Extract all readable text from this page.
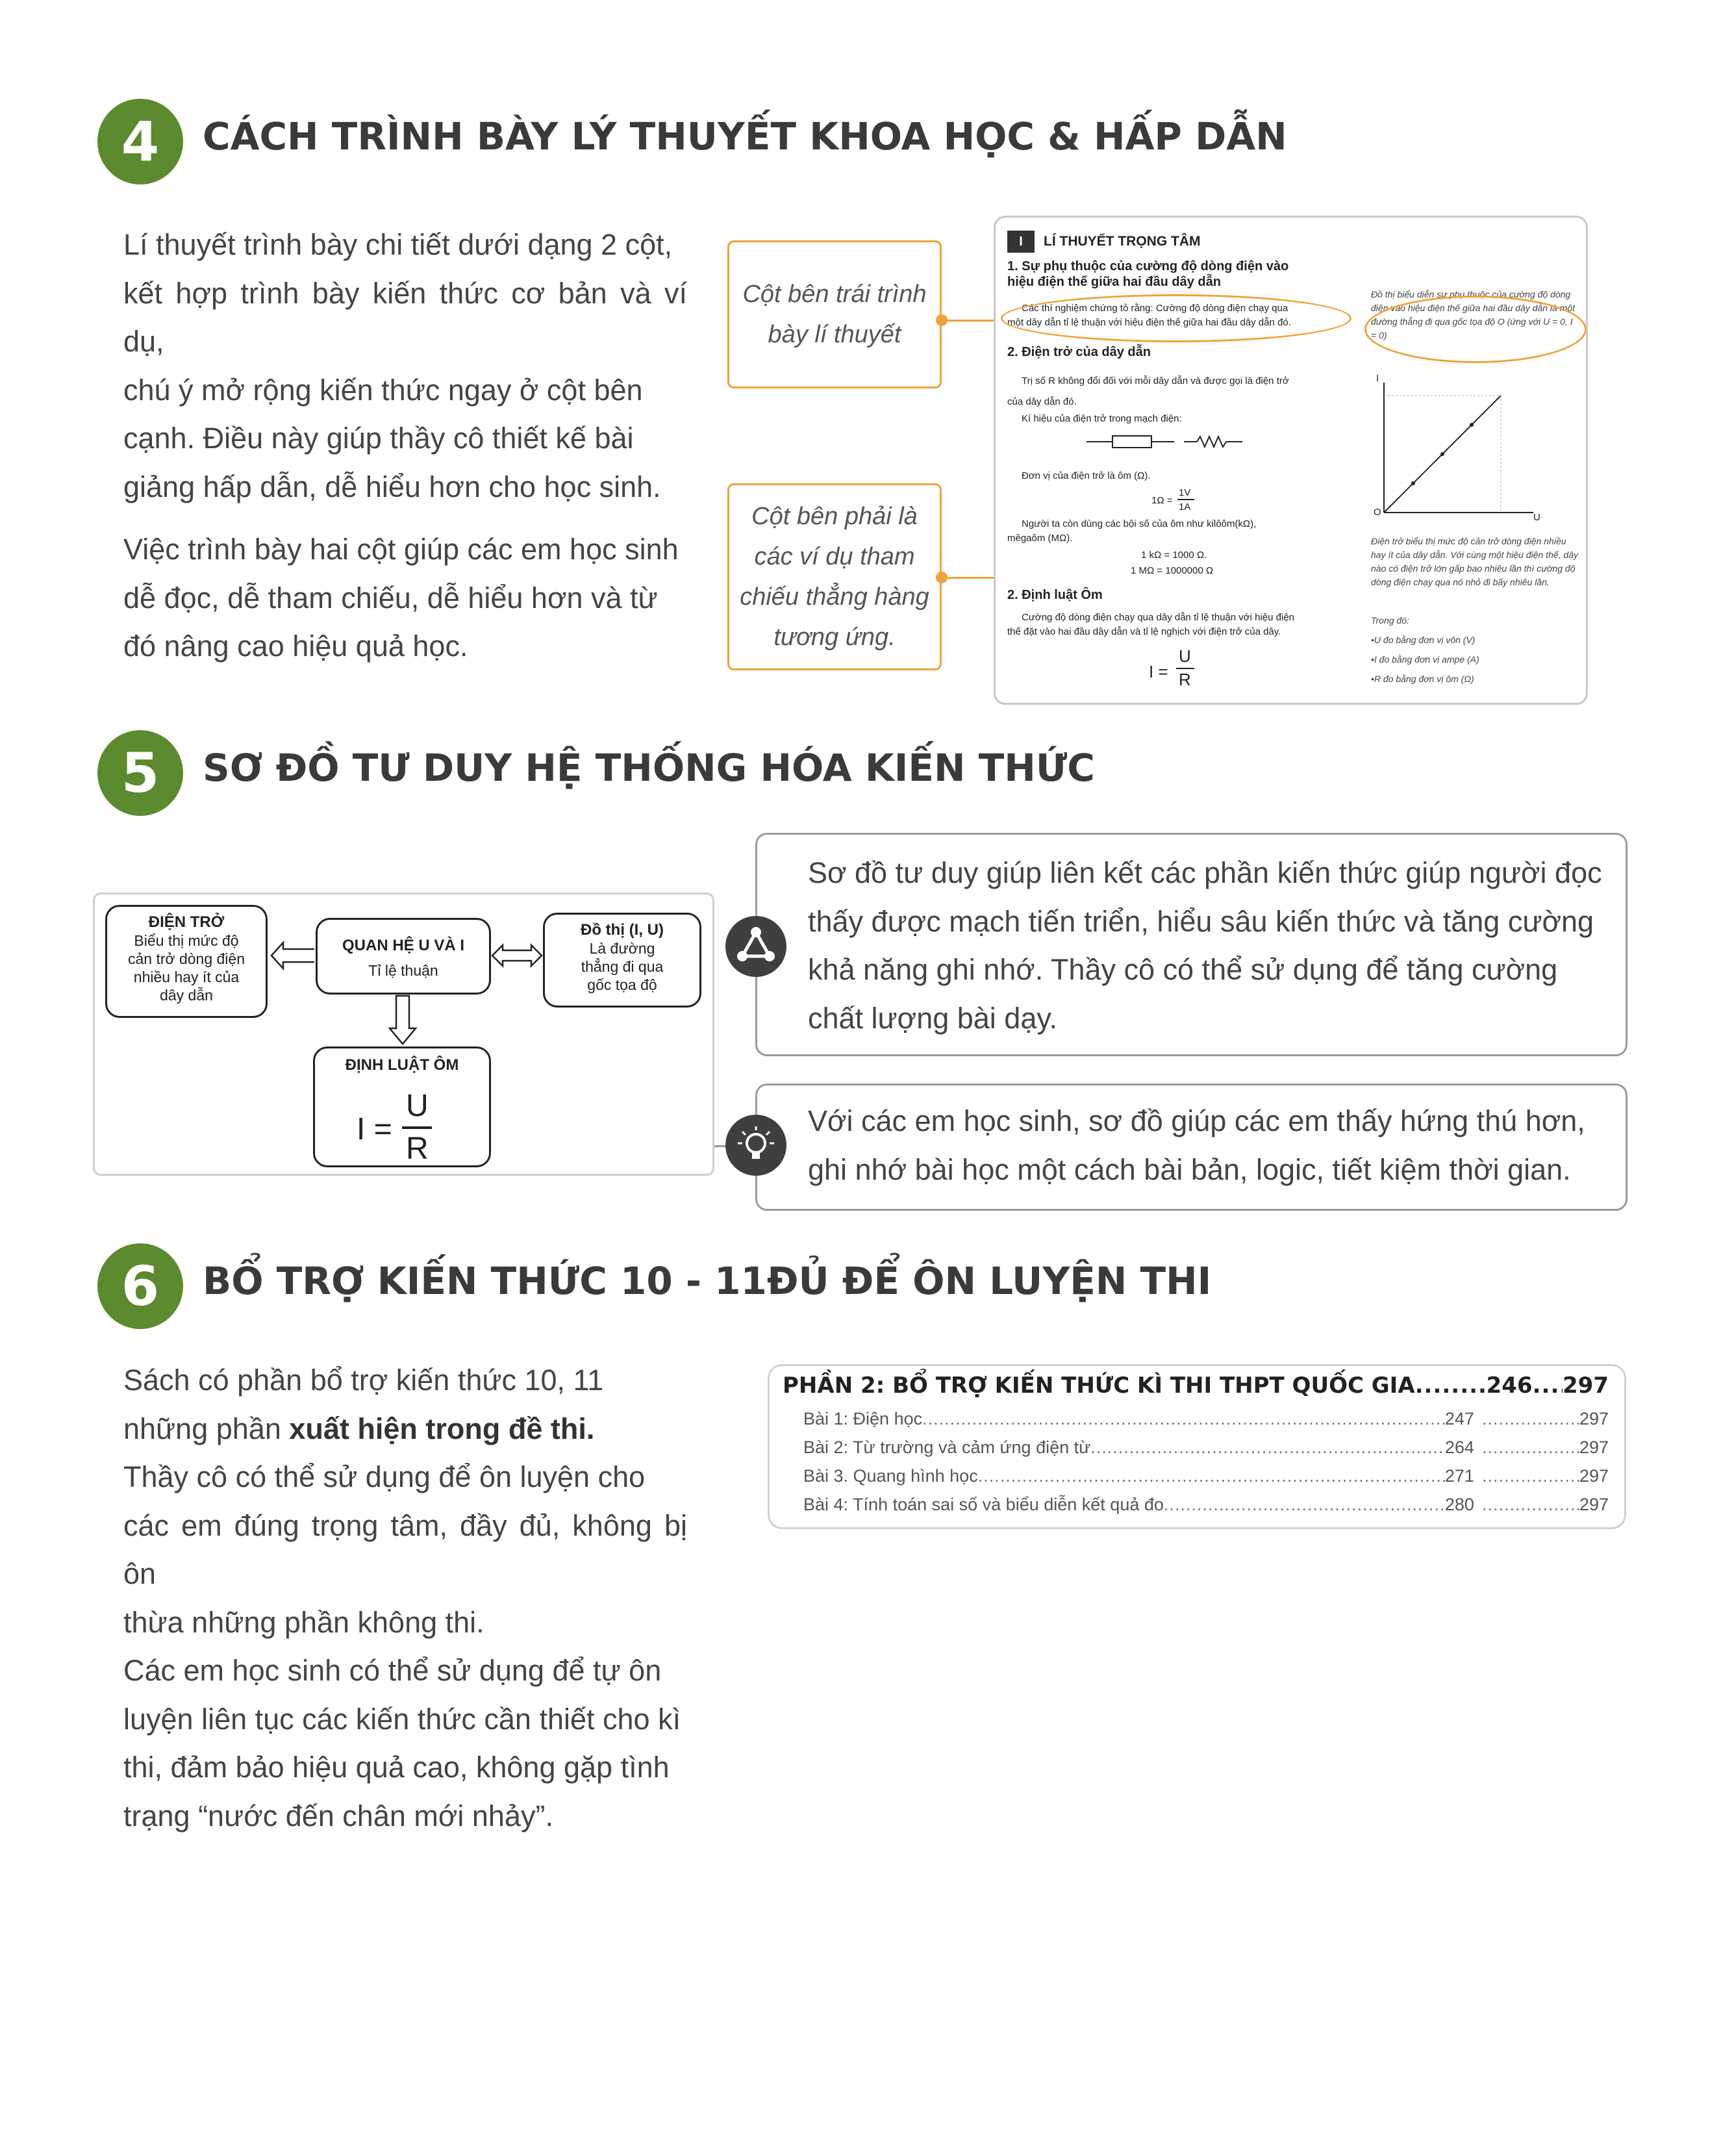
4	CÁCH TRÌNH BÀY LÝ THUYẾT KHOA HỌC & HẤP DẪN

Lí thuyết trình bày chi tiết dưới dạng 2 cột,

kết hợp trình bày kiến thức cơ bản và ví dụ,

chú ý mở rộng kiến thức ngay ở cột bên

cạnh. Điều này giúp thầy cô thiết kế bài

giảng hấp dẫn, dễ hiểu hơn cho học sinh.

Việc trình bày hai cột giúp các em học sinh

dễ đọc, dễ tham chiếu, dễ hiểu hơn và từ

đó nâng cao hiệu quả học.

Cột bên trái trình
bày lí thuyết
Cột bên phải là
các ví dụ tham
chiếu thẳng hàng
tương ứng.
I	LÍ THUYẾT TRỌNG TÂM
1. Sự phụ thuộc của cường độ dòng điện vào
hiệu điện thế giữa hai đầu dây dẫn
Các thí nghiệm chứng tỏ rằng: Cường độ dòng điện chạy qua
một dây dẫn tỉ lệ thuận với hiệu điện thế giữa hai đầu dây dẫn đó.
2. Điện trở của dây dẫn
Trị số R không đổi đối với mỗi dây dẫn và được gọi là điện trở
của dây dẫn đó.
Kí hiệu của điện trở trong mạch điện:
Đơn vị của điện trở là ôm (Ω).
1Ω =
1V
1A
Người ta còn dùng các bội số của ôm như kilôôm(kΩ),
mêgaôm (MΩ).
1 kΩ = 1000 Ω.
1 MΩ = 1000000 Ω
2. Định luật Ôm
Cường độ dòng điện chạy qua dây dẫn tỉ lệ thuận với hiệu điện
thế đặt vào hai đầu dây dẫn và tỉ lệ nghịch với điện trở của dây.
I =
U
R
Đồ thị biểu diễn sự phụ thuộc của cường độ dòng điện vào hiệu điện thế giữa hai đầu dây dẫn là một đường thẳng đi qua gốc tọa độ O (ứng với U = 0, I = 0)
I
U
O
Điện trở biểu thị mức độ cản trở dòng điện nhiều hay ít của dây dẫn. Với cùng một hiệu điện thế, dây nào có điện trở lớn gấp bao nhiêu lần thì cường độ dòng điện chạy qua nó nhỏ đi bấy nhiêu lần.
Trong đó:
•U đo bằng đơn vị vôn (V)
•I đo bằng đơn vị ampe (A)
•R đo bằng đơn vị ôm (Ω)
5	SƠ ĐỒ TƯ DUY HỆ THỐNG HÓA KIẾN THỨC
ĐIỆN TRỞ
Biểu thị mức độ
cản trở dòng điện
nhiều hay ít của
dây dẫn
QUAN HỆ U VÀ I
Tỉ lệ thuận
Đồ thị (I, U)
Là đường
thẳng đi qua
gốc tọa độ
ĐỊNH LUẬT ÔM
I =
U
R
Sơ đồ tư duy giúp liên kết các phần kiến thức giúp người đọc
thấy được mạch tiến triển, hiểu sâu kiến thức và tăng cường
khả năng ghi nhớ. Thầy cô có thể sử dụng để tăng cường
chất lượng bài dạy.
Với các em học sinh, sơ đồ giúp các em thấy hứng thú hơn,
ghi nhớ bài học một cách bài bản, logic, tiết kiệm thời gian.
6	BỔ TRỢ KIẾN THỨC 10 - 11ĐỦ ĐỂ ÔN LUYỆN THI

Sách có phần bổ trợ kiến thức 10, 11

những phần xuất hiện trong đề thi.

Thầy cô có thể sử dụng để ôn luyện cho

các em đúng trọng tâm, đầy đủ, không bị ôn

thừa những phần không thi.

Các em học sinh có thể sử dụng để tự ôn

luyện liên tục các kiến thức cần thiết cho kì

thi, đảm bảo hiệu quả cao, không gặp tình

trạng “nước đến chân mới nhảy”.

PHẦN 2: BỔ TRỢ KIẾN THỨC KÌ THI THPT QUỐC GIA .....	246 ..... 297
Bài 1: Điện học .....	247 .....	297
Bài 2: Từ trường và cảm ứng điện từ .....	264 .....	297
Bài 3. Quang hình học .....	271 .....	297
Bài 4: Tính toán sai số và biểu diễn kết quả đo .....	280 .....	297
